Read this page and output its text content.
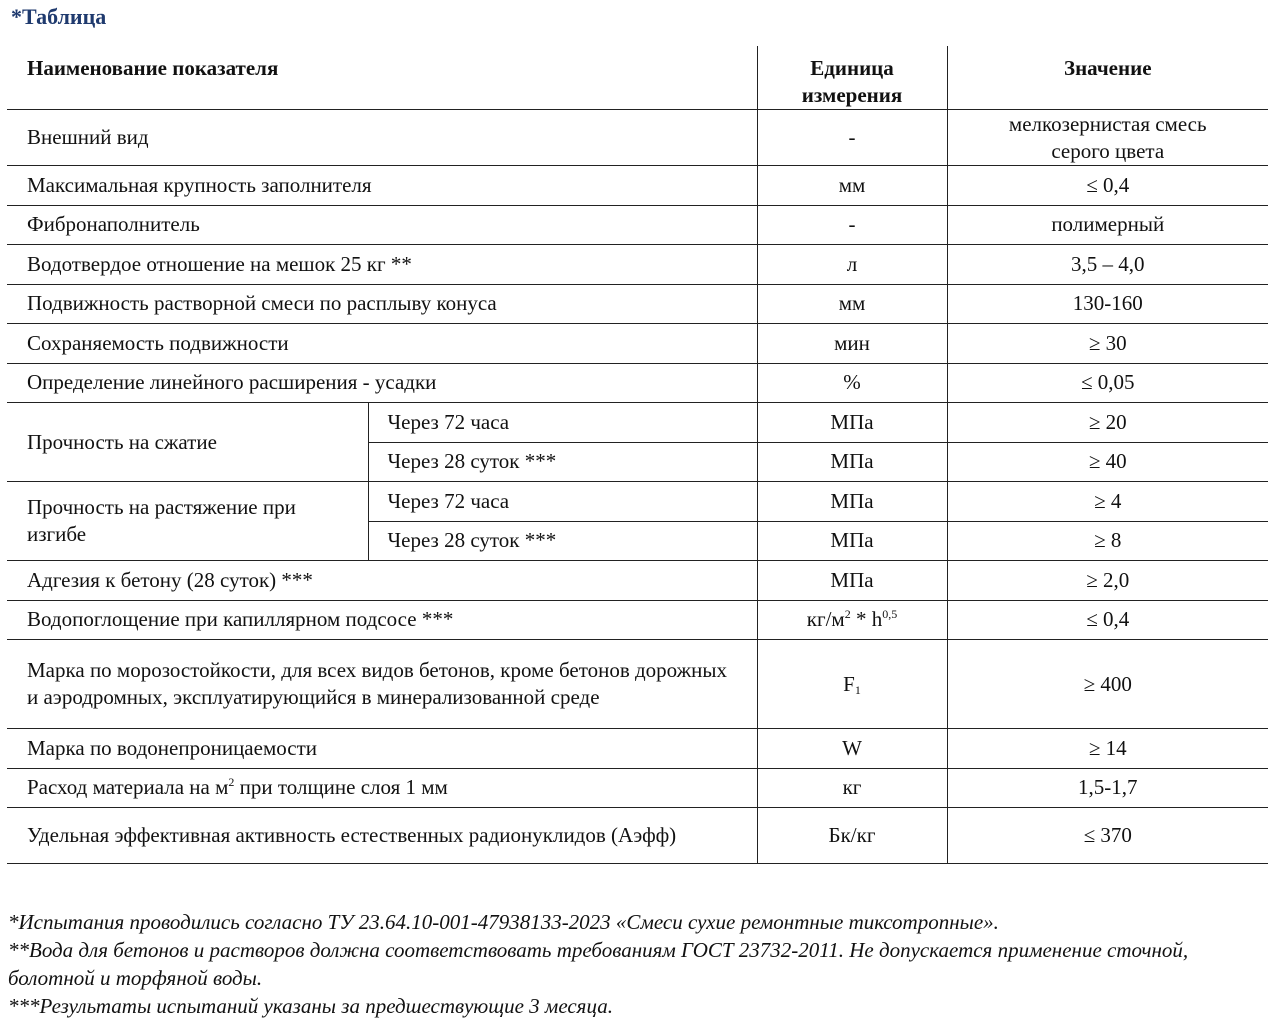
*Таблица
Наименование показателя		Единица измерения	Значение
Внешний вид		-	мелкозернистая смесь серого цвета
Максимальная крупность заполнителя		мм	≤ 0,4
Фибронаполнитель		-	полимерный
Водотвердое отношение на мешок 25 кг **		л	3,5 – 4,0
Подвижность растворной смеси по расплыву конуса		мм	130-160
Сохраняемость подвижности		мин	≥ 30
Определение линейного расширения - усадки		%	≤ 0,05
Прочность на сжатие	Через 72 часа	МПа	≥ 20
	Через 28 суток ***	МПа	≥ 40
Прочность на растяжение при изгибе	Через 72 часа	МПа	≥ 4
	Через 28 суток ***	МПа	≥ 8
Адгезия к бетону (28 суток) ***		МПа	≥ 2,0
Водопоглощение при капиллярном подсосе ***		$кг/м^2 * h^{0,5}$	≤ 0,4
Марка по морозостойкости, для всех видов бетонов, кроме бетонов дорожных и аэродромных, эксплуатирующийся в минерализованной среде		$F_1$	≥ 400
Марка по водонепроницаемости		W	≥ 14
Расход материала на $м^2$ при толщине слоя 1 мм		кг	1,5-1,7
Удельная эффективная активность естественных радионуклидов (Аэфф)		Бк/кг	≤ 370
*Испытания проводились согласно ТУ 23.64.10-001-47938133-2023 «Смеси сухие ремонтные тиксотропные».
**Вода для бетонов и растворов должна соответствовать требованиям ГОСТ 23732-2011. Не допускается применение сточной, болотной и торфяной воды.
***Результаты испытаний указаны за предшествующие 3 месяца.
